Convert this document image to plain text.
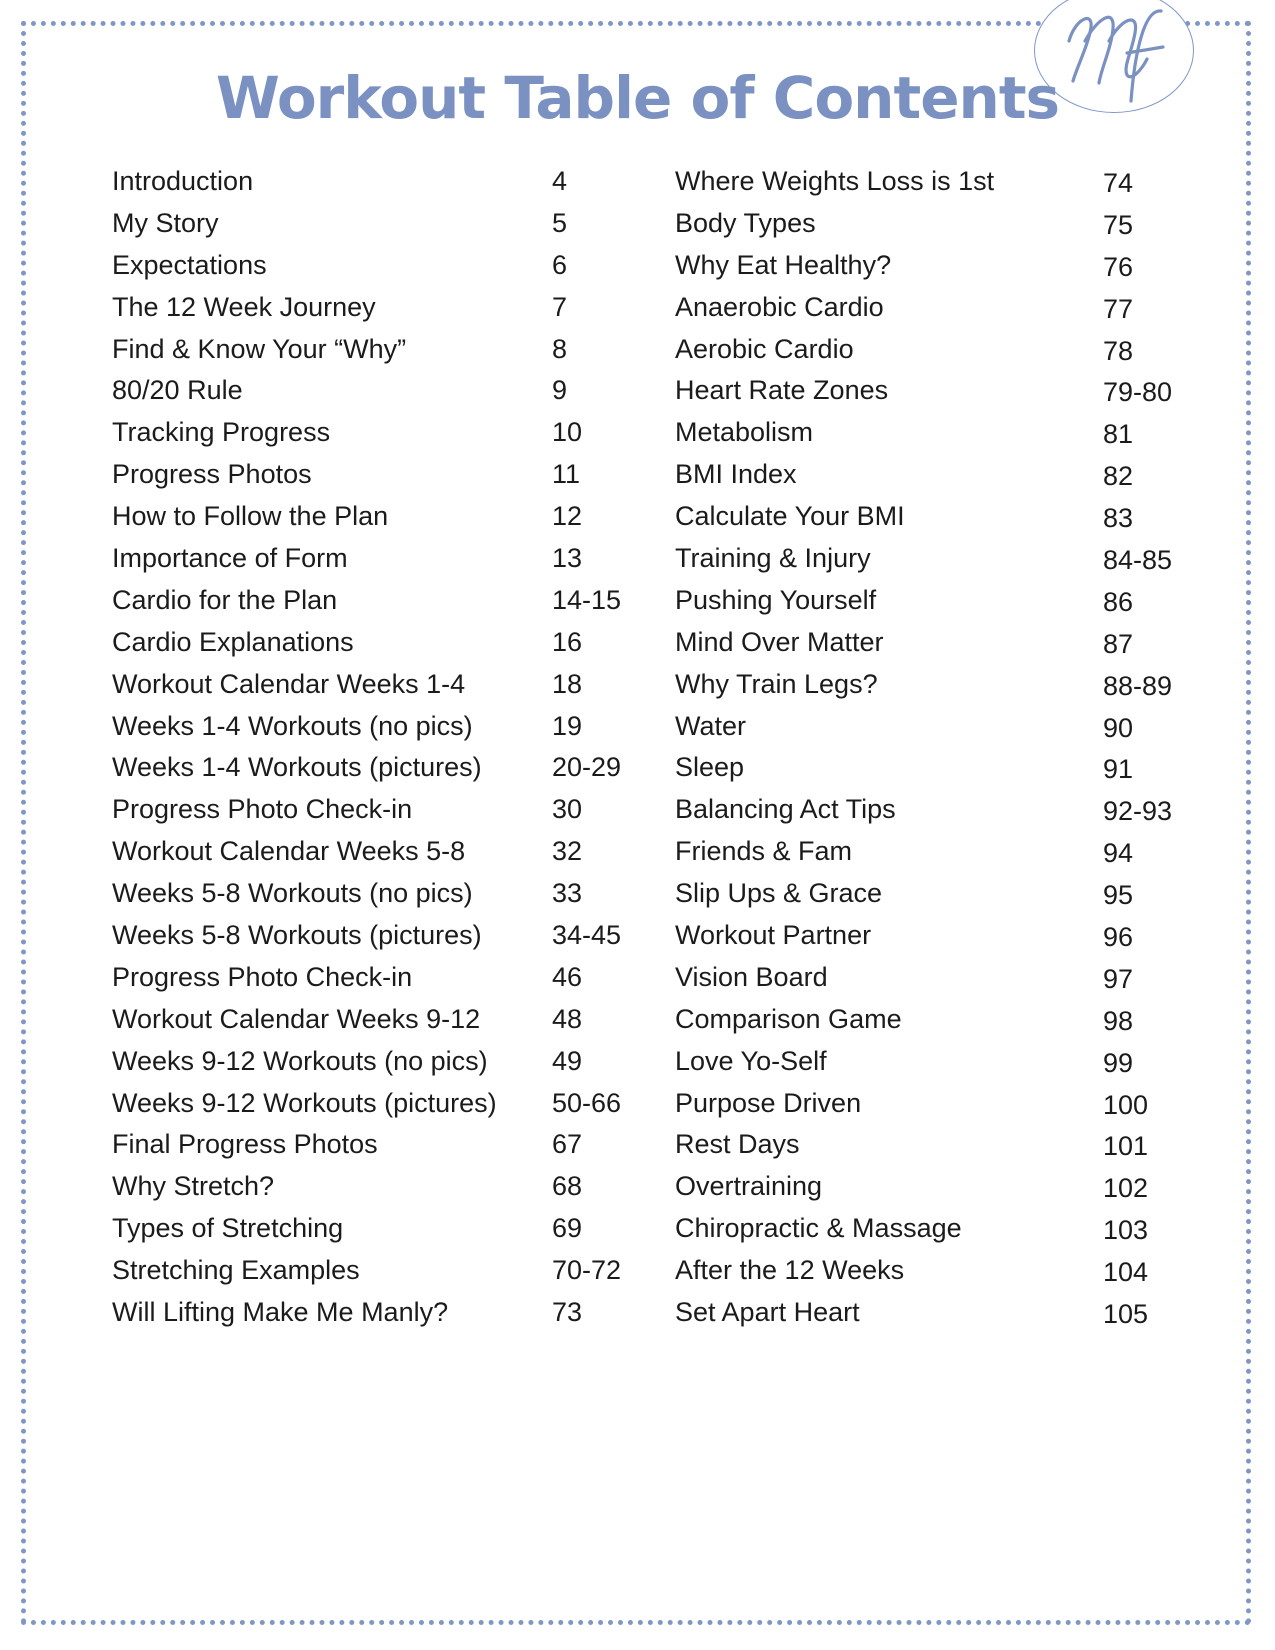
Workout Table of Contents
Introduction	4
My Story	5
Expectations	6
The 12 Week Journey	7
Find & Know Your “Why”	8
80/20 Rule	9
Tracking Progress	10
Progress Photos	11
How to Follow the Plan	12
Importance of Form	13
Cardio for the Plan	14-15
Cardio Explanations	16
Workout Calendar Weeks 1-4	18
Weeks 1-4 Workouts (no pics)	19
Weeks 1-4 Workouts (pictures)	20-29
Progress Photo Check-in	30
Workout Calendar Weeks 5-8	32
Weeks 5-8 Workouts (no pics)	33
Weeks 5-8 Workouts (pictures)	34-45
Progress Photo Check-in	46
Workout Calendar Weeks 9-12	48
Weeks 9-12 Workouts (no pics) 49
Weeks 9-12 Workouts (pictures) 50-66
Final Progress Photos	67
Why Stretch?	68
Types of Stretching	69
Stretching Examples	70-72
Will Lifting Make Me Manly?	73
Where Weights Loss is 1st	74
Body Types	75
Why Eat Healthy?	76
Anaerobic Cardio	77
Aerobic Cardio	78
Heart Rate Zones	79-80
Metabolism	81
BMI Index	82
Calculate Your BMI	83
Training & Injury	84-85
Pushing Yourself	86
Mind Over Matter	87
Why Train Legs?	88-89
Water	90
Sleep	91
Balancing Act Tips	92-93
Friends & Fam	94
Slip Ups & Grace	95
Workout Partner	96
Vision Board	97
Comparison Game	98
Love Yo-Self	99
Purpose Driven	100
Rest Days	101
Overtraining	102
Chiropractic & Massage	103
After the 12 Weeks	104
Set Apart Heart	105
